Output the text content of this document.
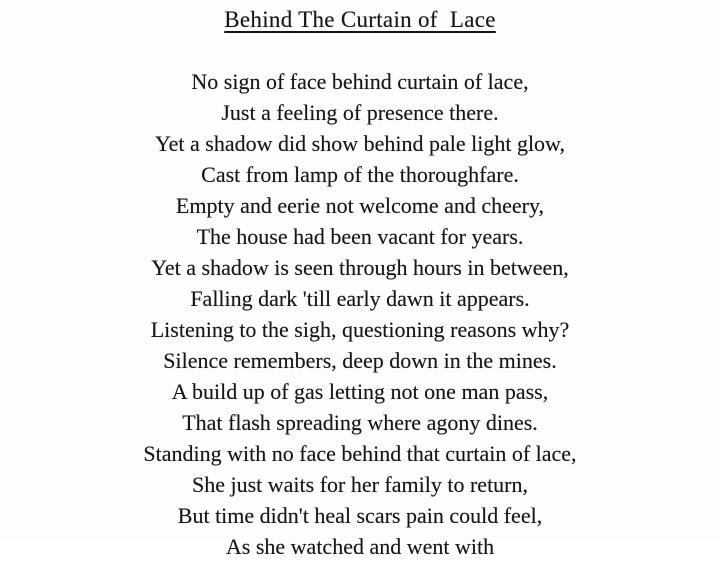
Behind The Curtain of  Lace
No sign of face behind curtain of lace,
Just a feeling of presence there.
Yet a shadow did show behind pale light glow,
Cast from lamp of the thoroughfare.
Empty and eerie not welcome and cheery,
The house had been vacant for years.
Yet a shadow is seen through hours in between,
Falling dark 'till early dawn it appears.
Listening to the sigh, questioning reasons why?
Silence remembers, deep down in the mines.
A build up of gas letting not one man pass,
That flash spreading where agony dines.
Standing with no face behind that curtain of lace,
She just waits for her family to return,
But time didn't heal scars pain could feel,
As she watched and went with
